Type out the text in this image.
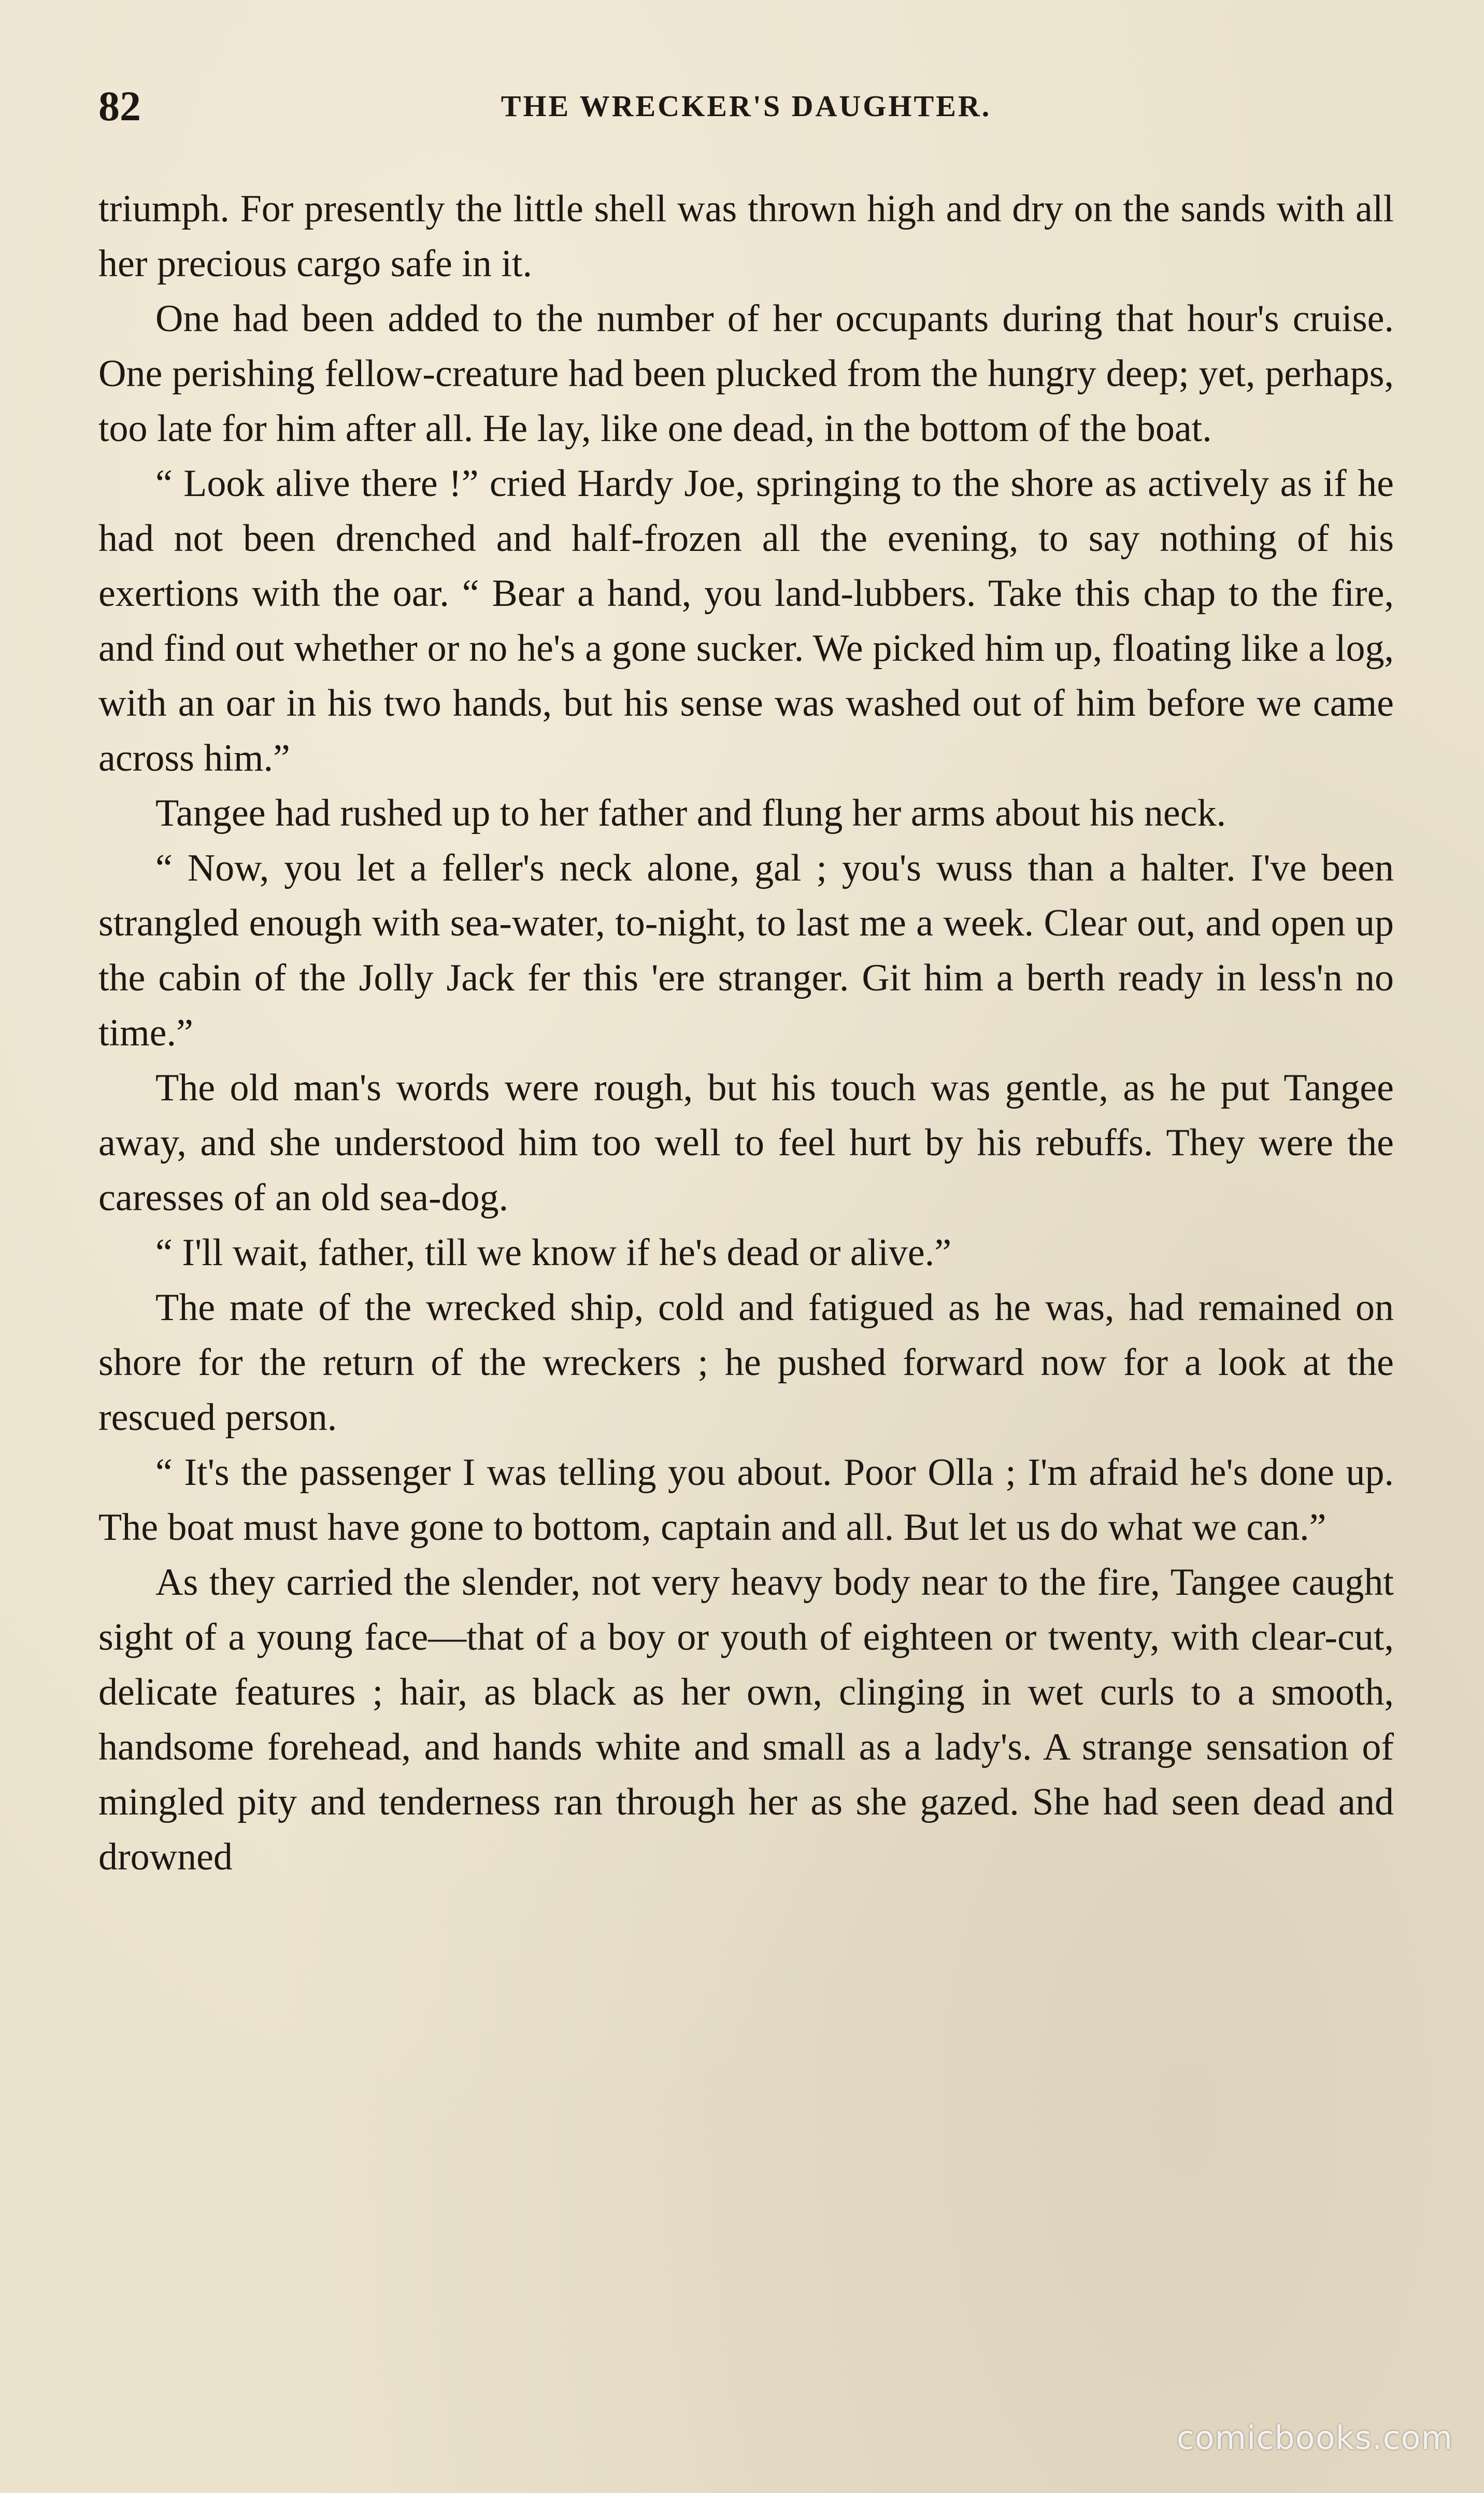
82	THE WRECKER'S DAUGHTER.

triumph. For presently the little shell was thrown high and dry on the sands with all her precious cargo safe in it.

One had been added to the number of her occupants during that hour's cruise. One perishing fellow-creature had been plucked from the hungry deep; yet, perhaps, too late for him after all. He lay, like one dead, in the bottom of the boat.

“ Look alive there !” cried Hardy Joe, springing to the shore as actively as if he had not been drenched and half-frozen all the evening, to say nothing of his exertions with the oar. “ Bear a hand, you land-lubbers. Take this chap to the fire, and find out whether or no he's a gone sucker. We picked him up, floating like a log, with an oar in his two hands, but his sense was washed out of him before we came across him.”

Tangee had rushed up to her father and flung her arms about his neck.

“ Now, you let a feller's neck alone, gal ; you's wuss than a halter. I've been strangled enough with sea-water, to-night, to last me a week. Clear out, and open up the cabin of the Jolly Jack fer this 'ere stranger. Git him a berth ready in less'n no time.”

The old man's words were rough, but his touch was gentle, as he put Tangee away, and she understood him too well to feel hurt by his rebuffs. They were the caresses of an old sea-dog.

“ I'll wait, father, till we know if he's dead or alive.”

The mate of the wrecked ship, cold and fatigued as he was, had remained on shore for the return of the wreckers ; he pushed forward now for a look at the rescued person.

“ It's the passenger I was telling you about. Poor Olla ; I'm afraid he's done up. The boat must have gone to bottom, captain and all. But let us do what we can.”

As they carried the slender, not very heavy body near to the fire, Tangee caught sight of a young face—that of a boy or youth of eighteen or twenty, with clear-cut, delicate features ; hair, as black as her own, clinging in wet curls to a smooth, handsome forehead, and hands white and small as a lady's. A strange sensation of mingled pity and tenderness ran through her as she gazed. She had seen dead and drowned

comicbooks.com
